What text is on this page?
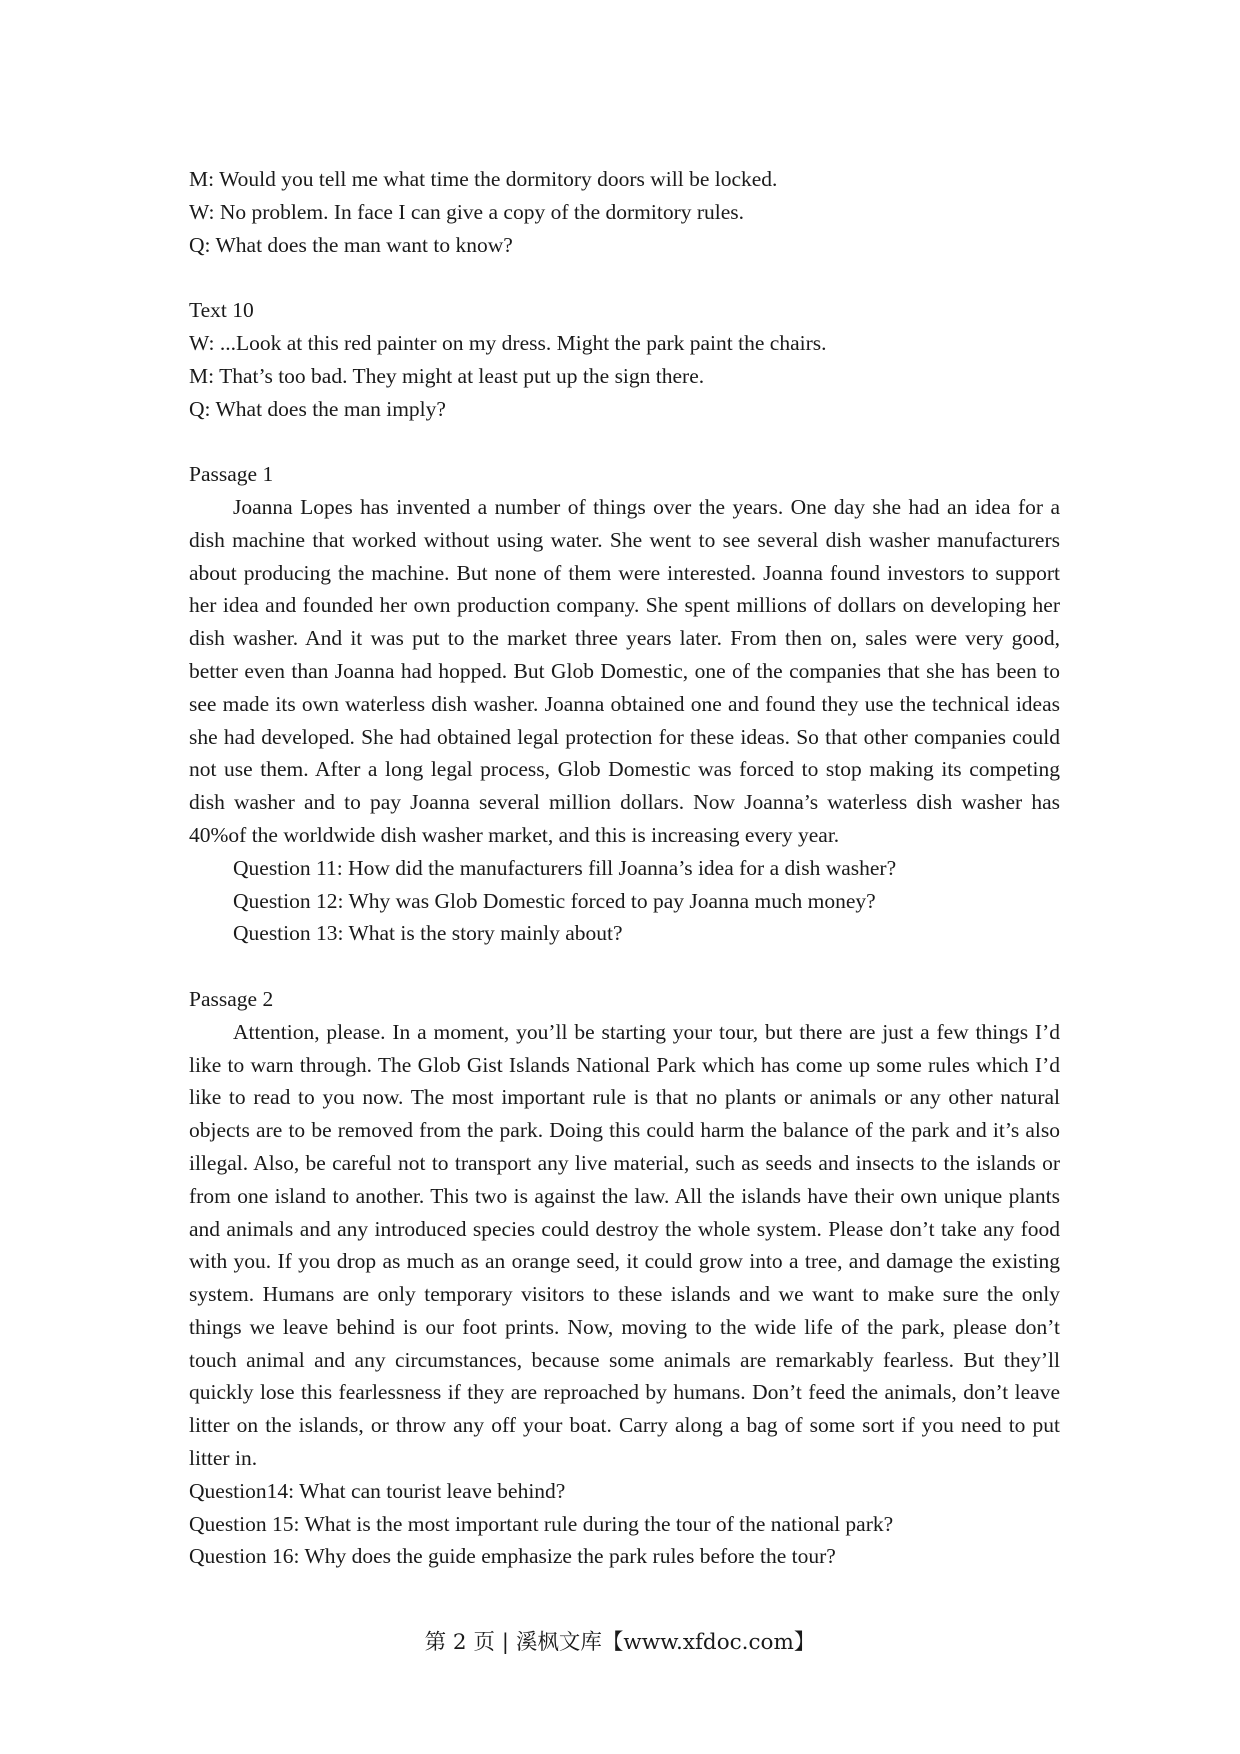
M: Would you tell me what time the dormitory doors will be locked.

W: No problem. In face I can give a copy of the dormitory rules.

Q: What does the man want to know?

Text 10

W: ...Look at this red painter on my dress. Might the park paint the chairs.

M: That’s too bad. They might at least put up the sign there.

Q: What does the man imply?

Passage 1

Joanna Lopes has invented a number of things over the years. One day she had an idea for a dish machine that worked without using water. She went to see several dish washer manufacturers about producing the machine. But none of them were interested. Joanna found investors to support her idea and founded her own production company. She spent millions of dollars on developing her dish washer. And it was put to the market three years later. From then on, sales were very good, better even than Joanna had hopped. But Glob Domestic, one of the companies that she has been to see made its own waterless dish washer. Joanna obtained one and found they use the technical ideas she had developed. She had obtained legal protection for these ideas. So that other companies could not use them. After a long legal process, Glob Domestic was forced to stop making its competing dish washer and to pay Joanna several million dollars. Now Joanna’s waterless dish washer has 40%of the worldwide dish washer market, and this is increasing every year.

Question 11: How did the manufacturers fill Joanna’s idea for a dish washer?

Question 12: Why was Glob Domestic forced to pay Joanna much money?

Question 13: What is the story mainly about?

Passage 2

Attention, please. In a moment, you’ll be starting your tour, but there are just a few things I’d like to warn through. The Glob Gist Islands National Park which has come up some rules which I’d like to read to you now. The most important rule is that no plants or animals or any other natural objects are to be removed from the park. Doing this could harm the balance of the park and it’s also illegal. Also, be careful not to transport any live material, such as seeds and insects to the islands or from one island to another. This two is against the law. All the islands have their own unique plants and animals and any introduced species could destroy the whole system. Please don’t take any food with you. If you drop as much as an orange seed, it could grow into a tree, and damage the existing system. Humans are only temporary visitors to these islands and we want to make sure the only things we leave behind is our foot prints. Now, moving to the wide life of the park, please don’t touch animal and any circumstances, because some animals are remarkably fearless. But they’ll quickly lose this fearlessness if they are reproached by humans. Don’t feed the animals, don’t leave litter on the islands, or throw any off your boat. Carry along a bag of some sort if you need to put litter in.

Question14: What can tourist leave behind?

Question 15: What is the most important rule during the tour of the national park?

Question 16: Why does the guide emphasize the park rules before the tour?

第 2 页 | 溪枫文库【www.xfdoc.com】
